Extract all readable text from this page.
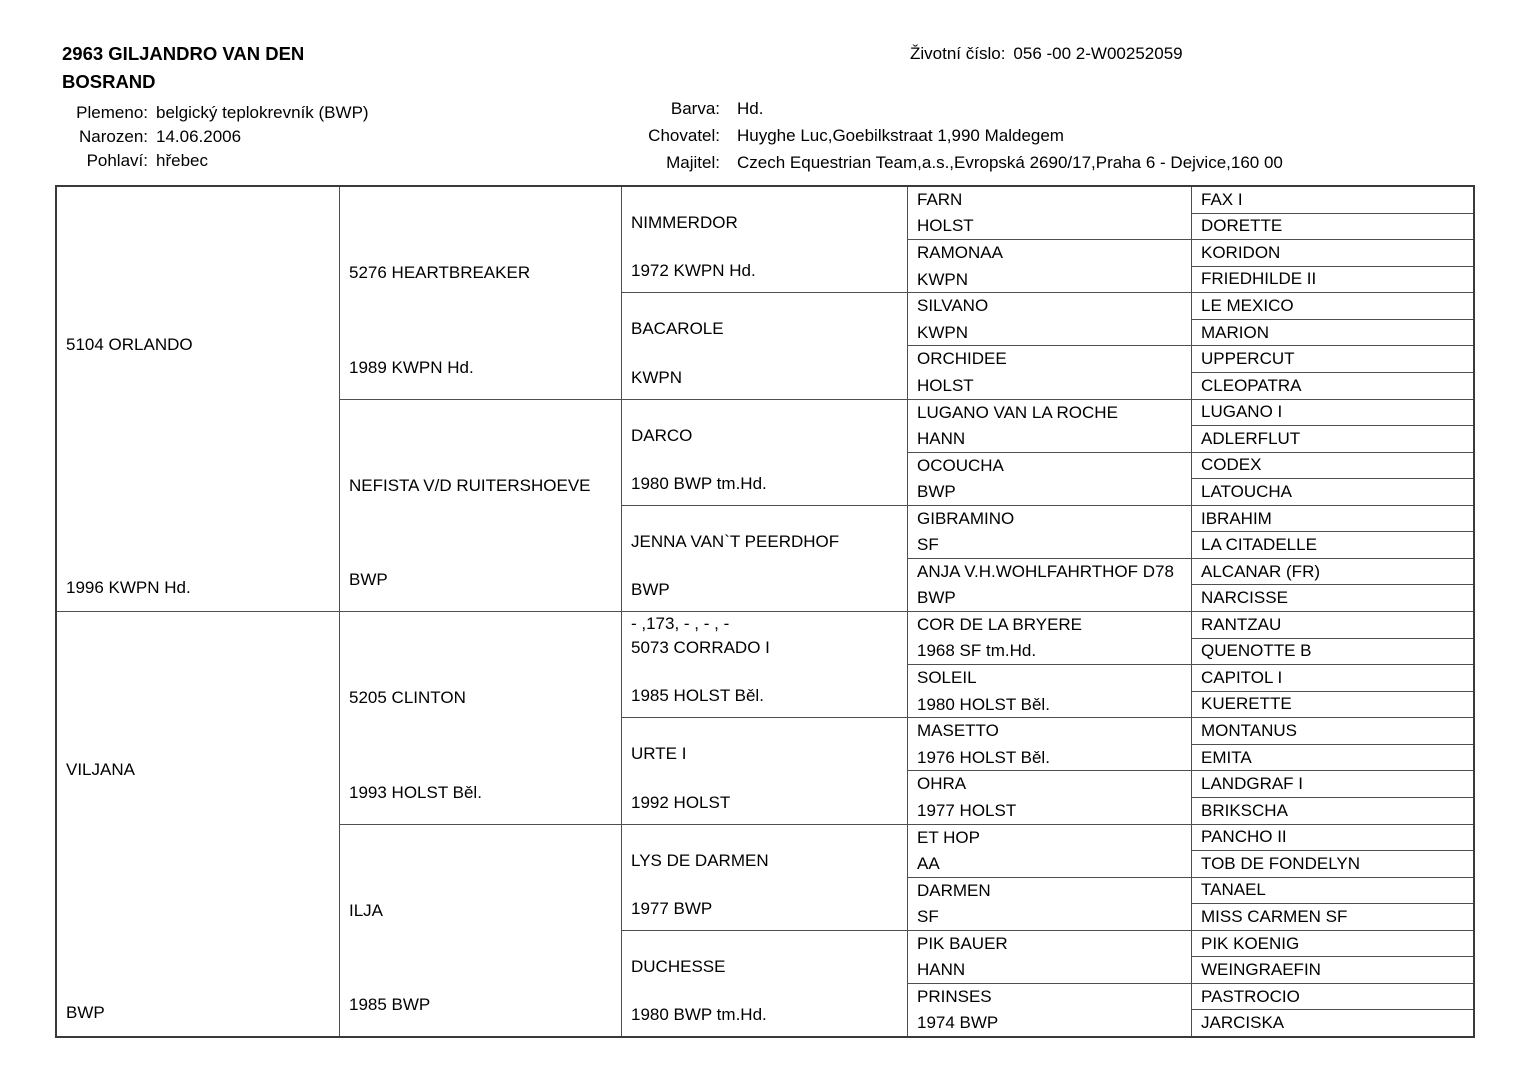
2963 GILJANDRO VAN DEN BOSRAND
Životní číslo: 056 -00 2-W00252059
Plemeno: belgický teplokrevník (BWP)
Narozen: 14.06.2006
Pohlaví: hřebec
Barva: Hd.
Chovatel: Huyghe Luc,Goebilkstraat 1,990 Maldegem
Majitel: Czech Equestrian Team,a.s.,Evropská 2690/17,Praha 6 - Dejvice,160 00
5104 ORLANDO
1996 KWPN Hd.
VILJANA
BWP
5276 HEARTBREAKER
1989 KWPN Hd.
NEFISTA V/D RUITERSHOEVE
BWP
5205 CLINTON
1993 HOLST Běl.
ILJA
1985 BWP
NIMMERDOR
1972 KWPN Hd.
BACAROLE
KWPN
DARCO
1980 BWP tm.Hd.
JENNA VAN`T PEERDHOF
BWP
- ,173, - , - , -
5073 CORRADO I
1985 HOLST Běl.
URTE I
1992 HOLST
LYS DE DARMEN
1977 BWP
DUCHESSE
1980 BWP tm.Hd.
FARN
HOLST
RAMONAA
KWPN
SILVANO
KWPN
ORCHIDEE
HOLST
LUGANO VAN LA ROCHE
HANN
OCOUCHA
BWP
GIBRAMINO
SF
ANJA V.H.WOHLFAHRTHOF D78
BWP
COR DE LA BRYERE
1968 SF tm.Hd.
SOLEIL
1980 HOLST Běl.
MASETTO
1976 HOLST Běl.
OHRA
1977 HOLST
ET HOP
AA
DARMEN
SF
PIK BAUER
HANN
PRINSES
1974 BWP
FAX I
DORETTE
KORIDON
FRIEDHILDE II
LE MEXICO
MARION
UPPERCUT
CLEOPATRA
LUGANO I
ADLERFLUT
CODEX
LATOUCHA
IBRAHIM
LA CITADELLE
ALCANAR (FR)
NARCISSE
RANTZAU
QUENOTTE B
CAPITOL I
KUERETTE
MONTANUS
EMITA
LANDGRAF I
BRIKSCHA
PANCHO II
TOB DE FONDELYN
TANAEL
MISS CARMEN SF
PIK KOENIG
WEINGRAEFIN
PASTROCIO
JARCISKA
